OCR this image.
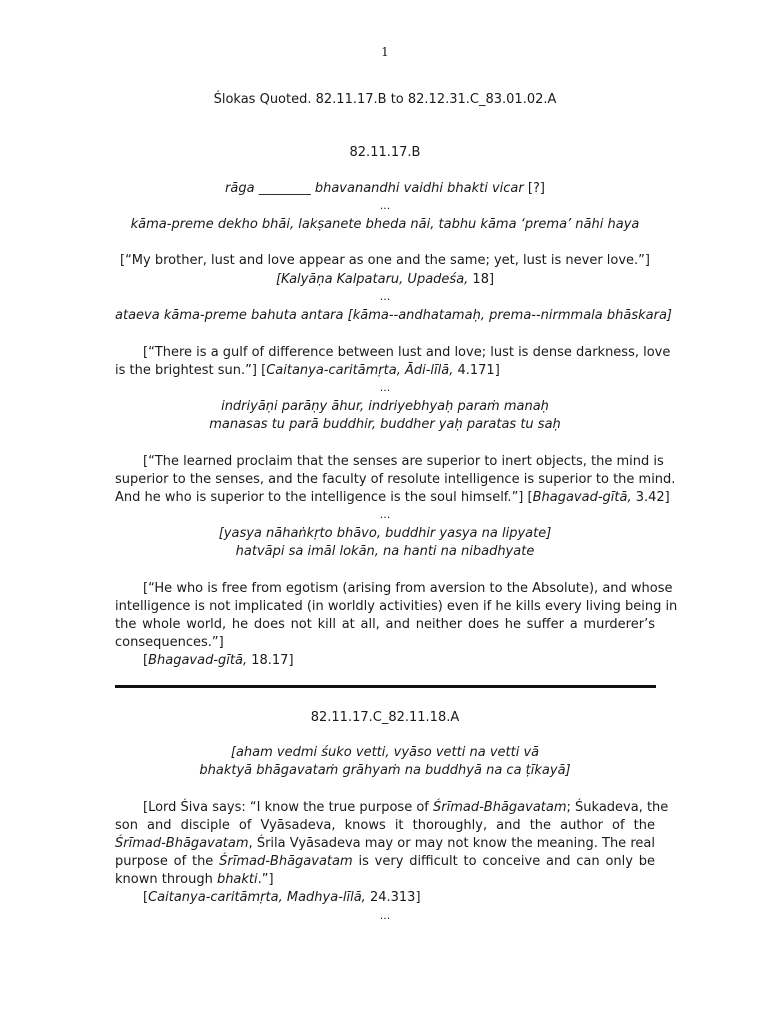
1
Ślokas Quoted. 82.11.17.B to 82.12.31.C_83.01.02.A
82.11.17.B
rāga ________ bhavanandhi vaidhi bhakti vicar [?]
...
kāma-preme dekho bhāi, lakṣanete bheda nāi, tabhu kāma ‘prema’ nāhi haya
[“My brother, lust and love appear as one and the same; yet, lust is never love.”]
[Kalyāṇa Kalpataru, Upadeśa, 18]
...
ataeva kāma-preme bahuta antara [kāma--andhatamaḥ, prema--nirmmala bhāskara]
[“There is a gulf of difference between lust and love; lust is dense darkness, love
is the brightest sun.”] [Caitanya-caritāmṛta, Ādi-līlā, 4.171]
...
indriyāṇi parāṇy āhur, indriyebhyaḥ paraṁ manaḥ
manasas tu parā buddhir, buddher yaḥ paratas tu saḥ
[“The learned proclaim that the senses are superior to inert objects, the mind is
superior to the senses, and the faculty of resolute intelligence is superior to the mind.
And he who is superior to the intelligence is the soul himself.”] [Bhagavad-gītā, 3.42]
...
[yasya nāhaṅkṛto bhāvo, buddhir yasya na lipyate]
hatvāpi sa imāl lokān, na hanti na nibadhyate
[“He who is free from egotism (arising from aversion to the Absolute), and whose
intelligence is not implicated (in worldly activities) even if he kills every living being in
the whole world, he does not kill at all, and neither does he suffer a murderer’s
consequences.”]
[Bhagavad-gītā, 18.17]
82.11.17.C_82.11.18.A
[aham vedmi śuko vetti, vyāso vetti na vetti vā
bhaktyā bhāgavataṁ grāhyaṁ na buddhyā na ca ṭīkayā]
[Lord Śiva says: “I know the true purpose of Śrīmad-Bhāgavatam; Śukadeva, the
son and disciple of Vyāsadeva, knows it thoroughly, and the author of the
Śrīmad-Bhāgavatam, Śrila Vyāsadeva may or may not know the meaning. The real
purpose of the Śrīmad-Bhāgavatam is very difficult to conceive and can only be
known through bhakti.”]
[Caitanya-caritāmṛta, Madhya-līlā, 24.313]
...
